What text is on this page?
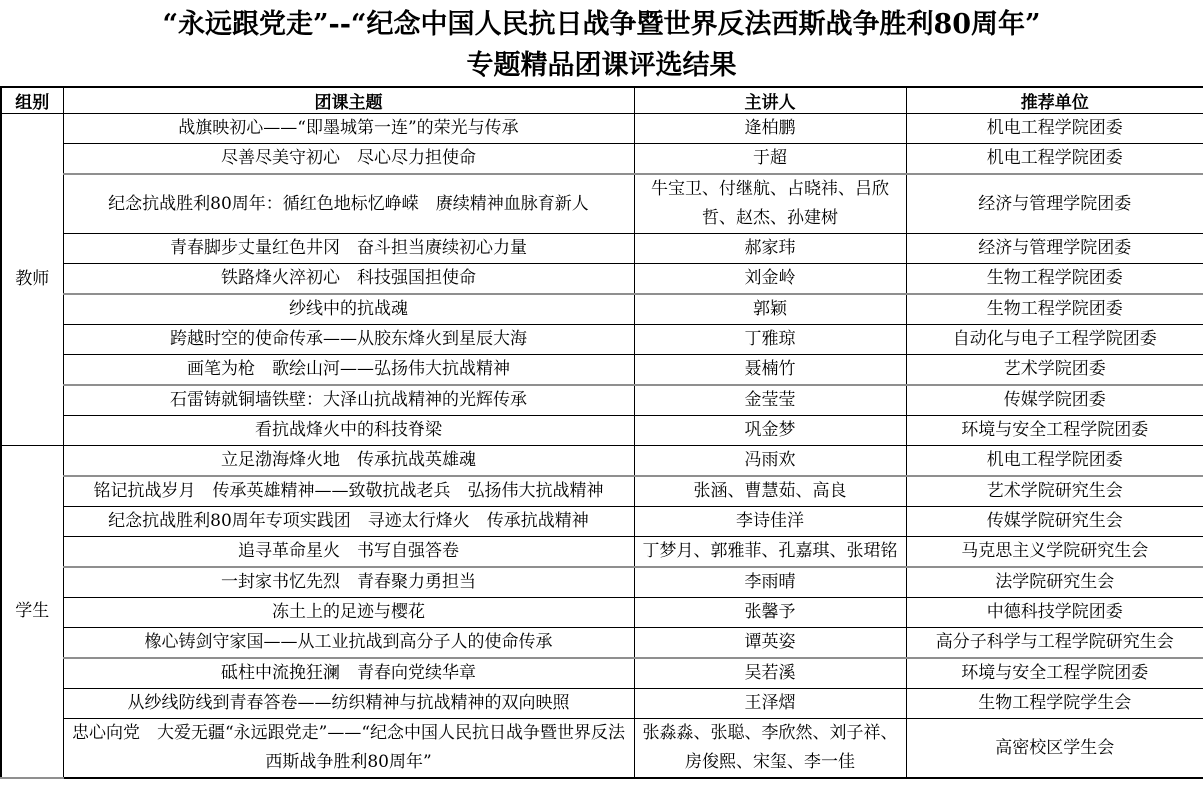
“永远跟党走”--“纪念中国人民抗日战争暨世界反法西斯战争胜利80周年”
专题精品团课评选结果
组别	团课主题	主讲人	推荐单位
教师	战旗映初心——“即墨城第一连”的荣光与传承	逄柏鹏	机电工程学院团委
	尽善尽美守初心　尽心尽力担使命	于超	机电工程学院团委
	纪念抗战胜利80周年：循红色地标忆峥嵘　赓续精神血脉育新人	牛宝卫、付继航、占晓祎、吕欣哲、赵杰、孙建树	经济与管理学院团委
	青春脚步丈量红色井冈　奋斗担当赓续初心力量	郝家玮	经济与管理学院团委
	铁路烽火淬初心　科技强国担使命	刘金岭	生物工程学院团委
	纱线中的抗战魂	郭颖	生物工程学院团委
	跨越时空的使命传承——从胶东烽火到星辰大海	丁雅琼	自动化与电子工程学院团委
	画笔为枪　歌绘山河——弘扬伟大抗战精神	聂楠竹	艺术学院团委
	石雷铸就铜墙铁壁：大泽山抗战精神的光辉传承	金莹莹	传媒学院团委
	看抗战烽火中的科技脊梁	巩金梦	环境与安全工程学院团委
学生	立足渤海烽火地　传承抗战英雄魂	冯雨欢	机电工程学院团委
	铭记抗战岁月　传承英雄精神——致敬抗战老兵　弘扬伟大抗战精神	张涵、曹慧茹、高良	艺术学院研究生会
	纪念抗战胜利80周年专项实践团　寻迹太行烽火　传承抗战精神	李诗佳洋	传媒学院研究生会
	追寻革命星火　书写自强答卷	丁梦月、郭雅菲、孔嘉琪、张珺铭	马克思主义学院研究生会
	一封家书忆先烈　青春聚力勇担当	李雨晴	法学院研究生会
	冻土上的足迹与樱花	张馨予	中德科技学院团委
	橡心铸剑守家国——从工业抗战到高分子人的使命传承	谭英姿	高分子科学与工程学院研究生会
	砥柱中流挽狂澜　青春向党续华章	吴若溪	环境与安全工程学院团委
	从纱线防线到青春答卷——纺织精神与抗战精神的双向映照	王泽熠	生物工程学院学生会
	忠心向党　大爱无疆“永远跟党走”——“纪念中国人民抗日战争暨世界反法西斯战争胜利80周年”	张淼淼、张聪、李欣然、刘子祥、房俊熙、宋玺、李一佳	高密校区学生会
